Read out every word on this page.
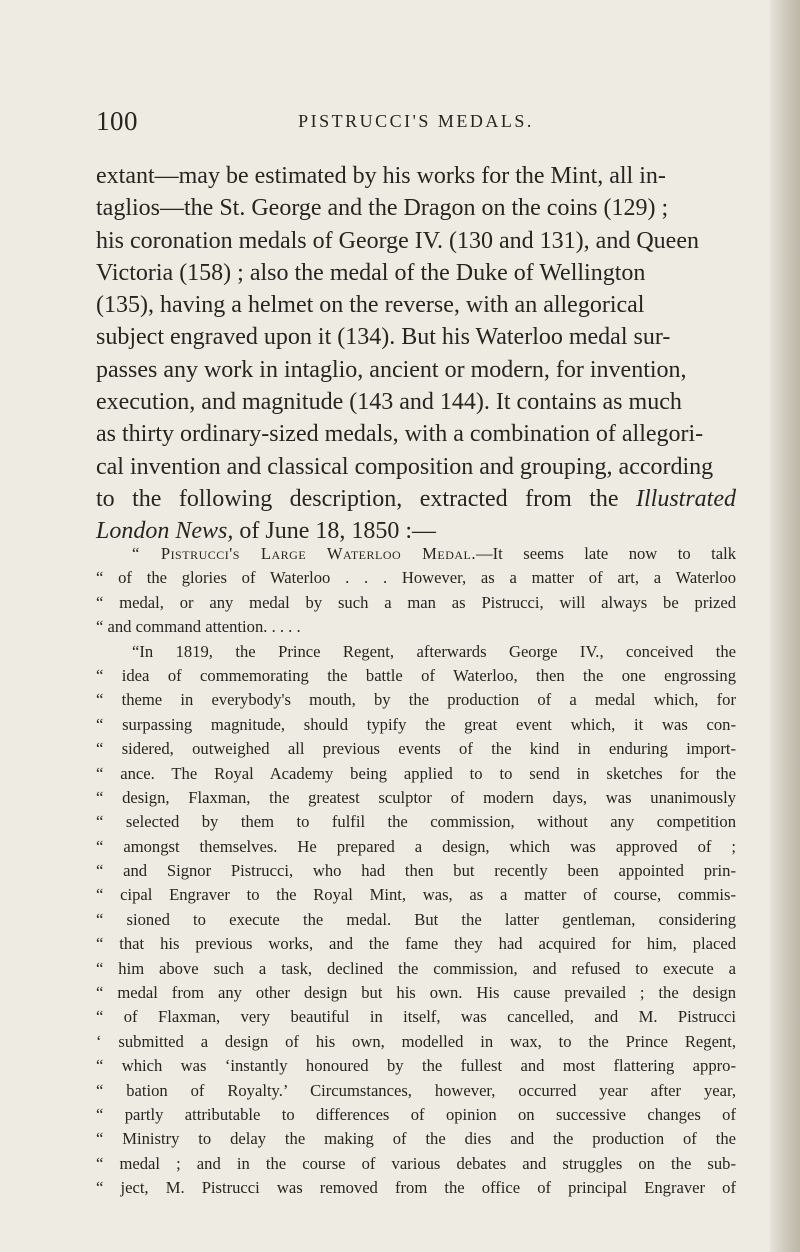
100	PISTRUCCI'S MEDALS.

extant—may be estimated by his works for the Mint, all in-

taglios—the St. George and the Dragon on the coins (129) ;

his coronation medals of George IV. (130 and 131), and Queen

Victoria (158) ; also the medal of the Duke of Wellington

(135), having a helmet on the reverse, with an allegorical

subject engraved upon it (134). But his Waterloo medal sur-

passes any work in intaglio, ancient or modern, for invention,

execution, and magnitude (143 and 144). It contains as much

as thirty ordinary-sized medals, with a combination of allegori-

cal invention and classical composition and grouping, according

to the following description, extracted from the Illustrated

London News, of June 18, 1850 :—

“ Pistrucci's Large Waterloo Medal.—It seems late now to talk
“ of the glories of Waterloo . . . However, as a matter of art, a Waterloo
“ medal, or any medal by such a man as Pistrucci, will always be prized
“ and command attention. . . . .
“In 1819, the Prince Regent, afterwards George IV., conceived the
“ idea of commemorating the battle of Waterloo, then the one engrossing
“ theme in everybody's mouth, by the production of a medal which, for
“ surpassing magnitude, should typify the great event which, it was con-
“ sidered, outweighed all previous events of the kind in enduring import-
“ ance. The Royal Academy being applied to to send in sketches for the
“ design, Flaxman, the greatest sculptor of modern days, was unanimously
“ selected by them to fulfil the commission, without any competition
“ amongst themselves. He prepared a design, which was approved of ;
“ and Signor Pistrucci, who had then but recently been appointed prin-
“ cipal Engraver to the Royal Mint, was, as a matter of course, commis-
“ sioned to execute the medal. But the latter gentleman, considering
“ that his previous works, and the fame they had acquired for him, placed
“ him above such a task, declined the commission, and refused to execute a
“ medal from any other design but his own. His cause prevailed ; the design
“ of Flaxman, very beautiful in itself, was cancelled, and M. Pistrucci
‘ submitted a design of his own, modelled in wax, to the Prince Regent,
“ which was ‘instantly honoured by the fullest and most flattering appro-
“ bation of Royalty.’ Circumstances, however, occurred year after year,
“ partly attributable to differences of opinion on successive changes of
“ Ministry to delay the making of the dies and the production of the
“ medal ; and in the course of various debates and struggles on the sub-
“ ject, M. Pistrucci was removed from the office of principal Engraver of
